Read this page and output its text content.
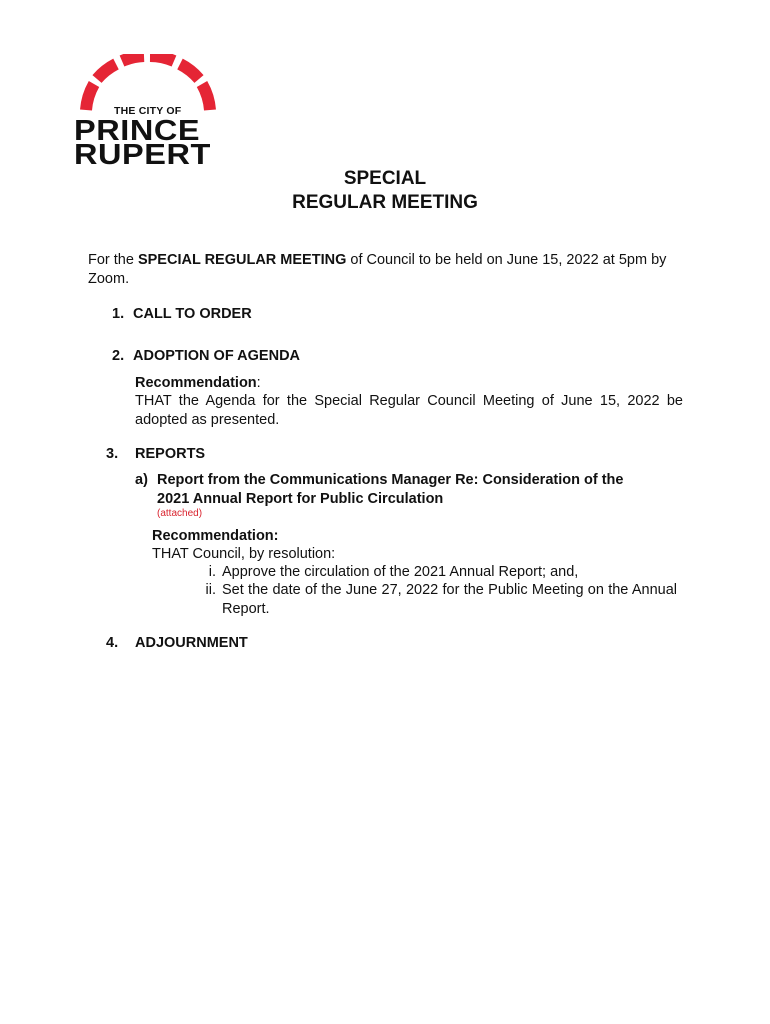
THE CITY OF
PRINCE
RUPERT
SPECIAL
REGULAR MEETING
For the SPECIAL REGULAR MEETING of Council to be held on June 15, 2022 at 5pm by Zoom.
1. CALL TO ORDER
2. ADOPTION OF AGENDA
Recommendation:
THAT the Agenda for the Special Regular Council Meeting of June 15, 2022 be adopted as presented.
3. REPORTS
a) Report from the Communications Manager Re: Consideration of the 2021 Annual Report for Public Circulation
(attached)
Recommendation:
THAT Council, by resolution:
i. Approve the circulation of the 2021 Annual Report; and,
ii. Set the date of the June 27, 2022 for the Public Meeting on the Annual Report.
4. ADJOURNMENT
